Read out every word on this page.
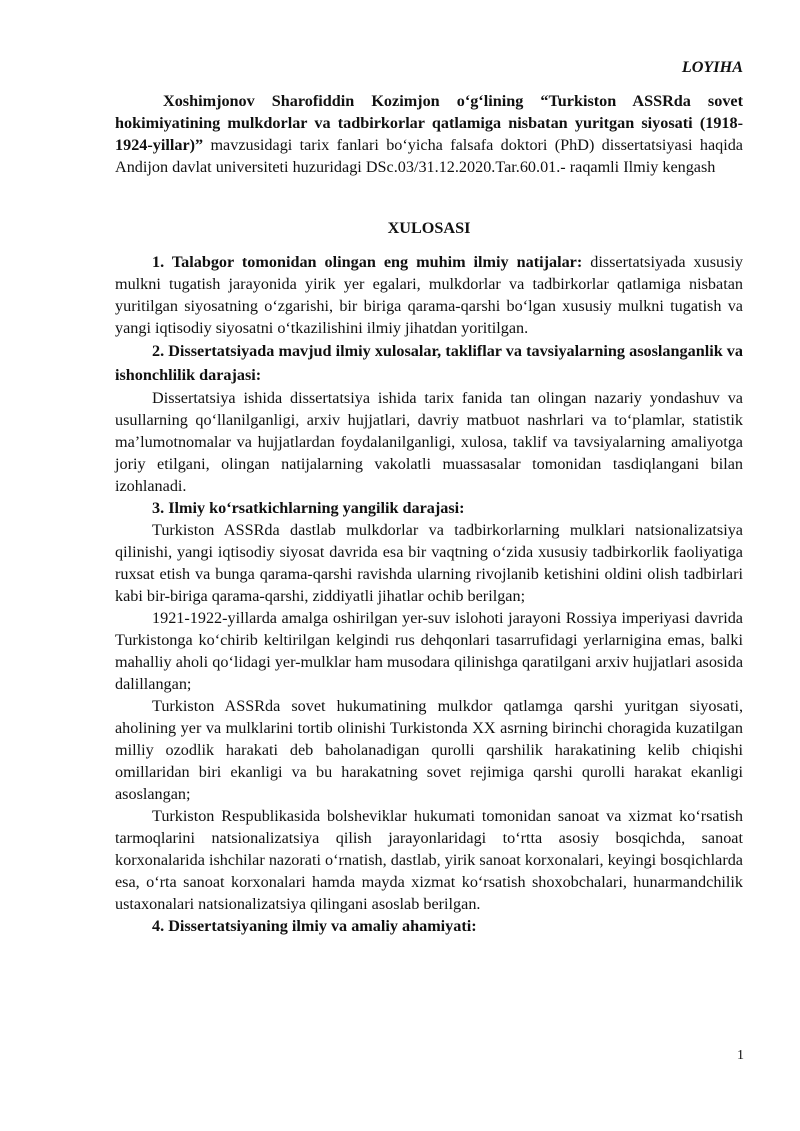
LOYIHA

Xoshimjonov Sharofiddin Kozimjon oʻgʻlining “Turkiston ASSRda sovet hokimiyatining mulkdorlar va tadbirkorlar qatlamiga nisbatan yuritgan siyosati (1918-1924-yillar)” mavzusidagi tarix fanlari boʻyicha falsafa doktori (PhD) dissertatsiyasi haqida Andijon davlat universiteti huzuridagi DSc.03/31.12.2020.Tar.60.01.- raqamli Ilmiy kengash

XULOSASI

1. Talabgor tomonidan olingan eng muhim ilmiy natijalar: dissertatsiyada xususiy mulkni tugatish jarayonida yirik yer egalari, mulkdorlar va tadbirkorlar qatlamiga nisbatan yuritilgan siyosatning oʻzgarishi, bir biriga qarama-qarshi boʻlgan xususiy mulkni tugatish va yangi iqtisodiy siyosatni oʻtkazilishini ilmiy jihatdan yoritilgan.

2. Dissertatsiyada mavjud ilmiy xulosalar, takliflar va tavsiyalarning asoslanganlik va ishonchlilik darajasi:

Dissertatsiya ishida dissertatsiya ishida tarix fanida tan olingan nazariy yondashuv va usullarning qoʻllanilganligi, arxiv hujjatlari, davriy matbuot nashrlari va toʻplamlar, statistik maʼlumotnomalar va hujjatlardan foydalanilganligi, xulosa, taklif va tavsiyalarning amaliyotga joriy etilgani, olingan natijalarning vakolatli muassasalar tomonidan tasdiqlangani bilan izohlanadi.

3. Ilmiy koʻrsatkichlarning yangilik darajasi:

Turkiston ASSRda dastlab mulkdorlar va tadbirkorlarning mulklari natsionalizatsiya qilinishi, yangi iqtisodiy siyosat davrida esa bir vaqtning oʻzida xususiy tadbirkorlik faoliyatiga ruxsat etish va bunga qarama-qarshi ravishda ularning rivojlanib ketishini oldini olish tadbirlari kabi bir-biriga qarama-qarshi, ziddiyatli jihatlar ochib berilgan;

1921-1922-yillarda amalga oshirilgan yer-suv islohoti jarayoni Rossiya imperiyasi davrida Turkistonga koʻchirib keltirilgan kelgindi rus dehqonlari tasarrufidagi yerlarnigina emas, balki mahalliy aholi qoʻlidagi yer-mulklar ham musodara qilinishga qaratilgani arxiv hujjatlari asosida dalillangan;

Turkiston ASSRda sovet hukumatining mulkdor qatlamga qarshi yuritgan siyosati, aholining yer va mulklarini tortib olinishi Turkistonda XX asrning birinchi choragida kuzatilgan milliy ozodlik harakati deb baholanadigan qurolli qarshilik harakatining kelib chiqishi omillaridan biri ekanligi va bu harakatning sovet rejimiga qarshi qurolli harakat ekanligi asoslangan;

Turkiston Respublikasida bolsheviklar hukumati tomonidan sanoat va xizmat koʻrsatish tarmoqlarini natsionalizatsiya qilish jarayonlaridagi toʻrtta asosiy bosqichda, sanoat korxonalarida ishchilar nazorati oʻrnatish, dastlab, yirik sanoat korxonalari, keyingi bosqichlarda esa, oʻrta sanoat korxonalari hamda mayda xizmat koʻrsatish shoxobchalari, hunarmandchilik ustaxonalari natsionalizatsiya qilingani asoslab berilgan.

4. Dissertatsiyaning ilmiy va amaliy ahamiyati:

1
